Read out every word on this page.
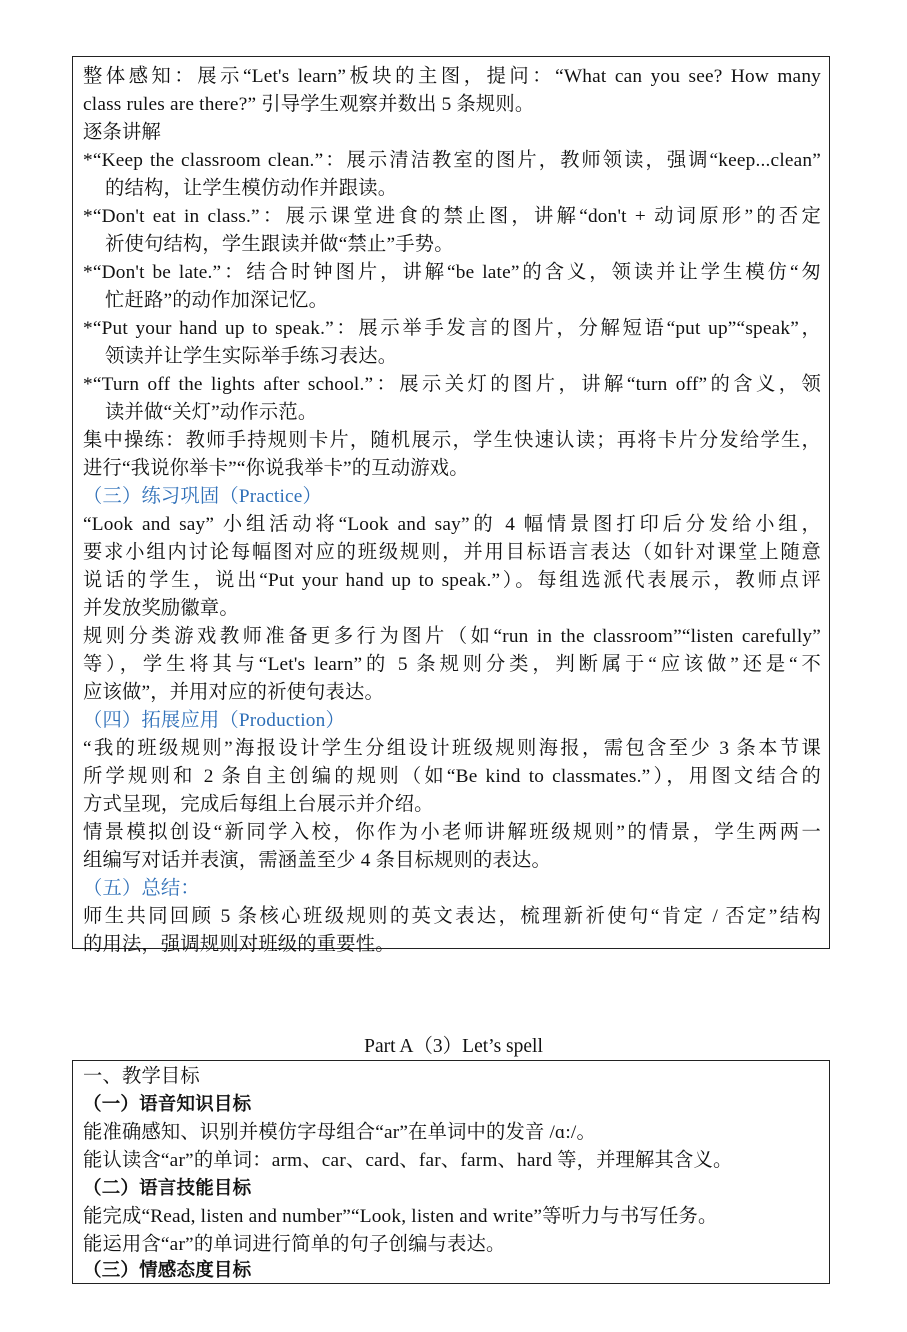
整体感知：展示“Let's learn”板块的主图，提问：“What can you see? How many
class rules are there?” 引导学生观察并数出 5 条规则。
逐条讲解
*“Keep the classroom clean.”：展示清洁教室的图片，教师领读，强调“keep...clean”
的结构，让学生模仿动作并跟读。
*“Don't eat in class.”：展示课堂进食的禁止图，讲解“don't + 动词原形”的否定
祈使句结构，学生跟读并做“禁止”手势。
*“Don't be late.”：结合时钟图片，讲解“be late”的含义，领读并让学生模仿“匆
忙赶路”的动作加深记忆。
*“Put your hand up to speak.”：展示举手发言的图片，分解短语“put up”“speak”，
领读并让学生实际举手练习表达。
*“Turn off the lights after school.”：展示关灯的图片，讲解“turn off”的含义，领
读并做“关灯”动作示范。
集中操练：教师手持规则卡片，随机展示，学生快速认读；再将卡片分发给学生，
进行“我说你举卡”“你说我举卡”的互动游戏。
（三）练习巩固（Practice）
“Look and say” 小组活动将“Look and say”的 4 幅情景图打印后分发给小组，
要求小组内讨论每幅图对应的班级规则，并用目标语言表达（如针对课堂上随意
说话的学生，说出“Put your hand up to speak.”）。每组选派代表展示，教师点评
并发放奖励徽章。
规则分类游戏教师准备更多行为图片（如“run in the classroom”“listen carefully”
等），学生将其与“Let's learn”的 5 条规则分类，判断属于“应该做”还是“不
应该做”，并用对应的祈使句表达。
（四）拓展应用（Production）
“我的班级规则”海报设计学生分组设计班级规则海报，需包含至少 3 条本节课
所学规则和 2 条自主创编的规则（如“Be kind to classmates.”），用图文结合的
方式呈现，完成后每组上台展示并介绍。
情景模拟创设“新同学入校，你作为小老师讲解班级规则”的情景，学生两两一
组编写对话并表演，需涵盖至少 4 条目标规则的表达。
（五）总结：
师生共同回顾 5 条核心班级规则的英文表达，梳理新祈使句“肯定 / 否定”结构
的用法，强调规则对班级的重要性。
Part A（3）Let’s spell
一、教学目标
（一）语音知识目标
能准确感知、识别并模仿字母组合“ar”在单词中的发音 /ɑ:/。
能认读含“ar”的单词：arm、car、card、far、farm、hard 等，并理解其含义。
（二）语言技能目标
能完成“Read, listen and number”“Look, listen and write”等听力与书写任务。
能运用含“ar”的单词进行简单的句子创编与表达。
（三）情感态度目标
